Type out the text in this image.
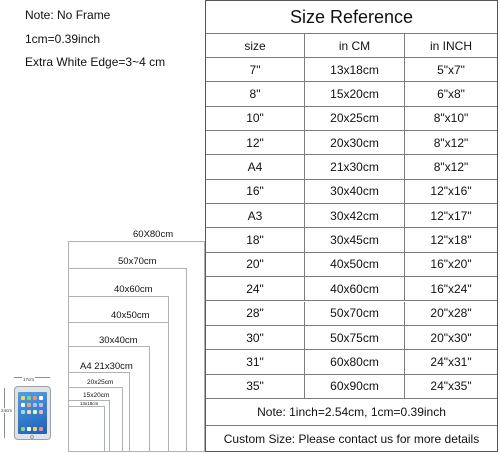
Note: No Frame
1cm=0.39inch
Extra White Edge=3~4 cm
60X80cm
50x70cm
40x60cm
40x50cm
30x40cm
A4 21x30cm
20x25cm
15x20cm
13x18cm
17cm
24cm
Size Reference
size	in CM	in INCH
7"	13x18cm	5"x7"
8"	15x20cm	6"x8"
10"	20x25cm	8"x10"
12"	20x30cm	8"x12"
A4	21x30cm	8"x12"
16"	30x40cm	12"x16"
A3	30x42cm	12"x17"
18"	30x45cm	12"x18"
20"	40x50cm	16"x20"
24"	40x60cm	16"x24"
28"	50x70cm	20"x28"
30"	50x75cm	20"x30"
31"	60x80cm	24"x31"
35"	60x90cm	24"x35"
Note: 1inch=2.54cm, 1cm=0.39inch
Custom Size: Please contact us for more details
